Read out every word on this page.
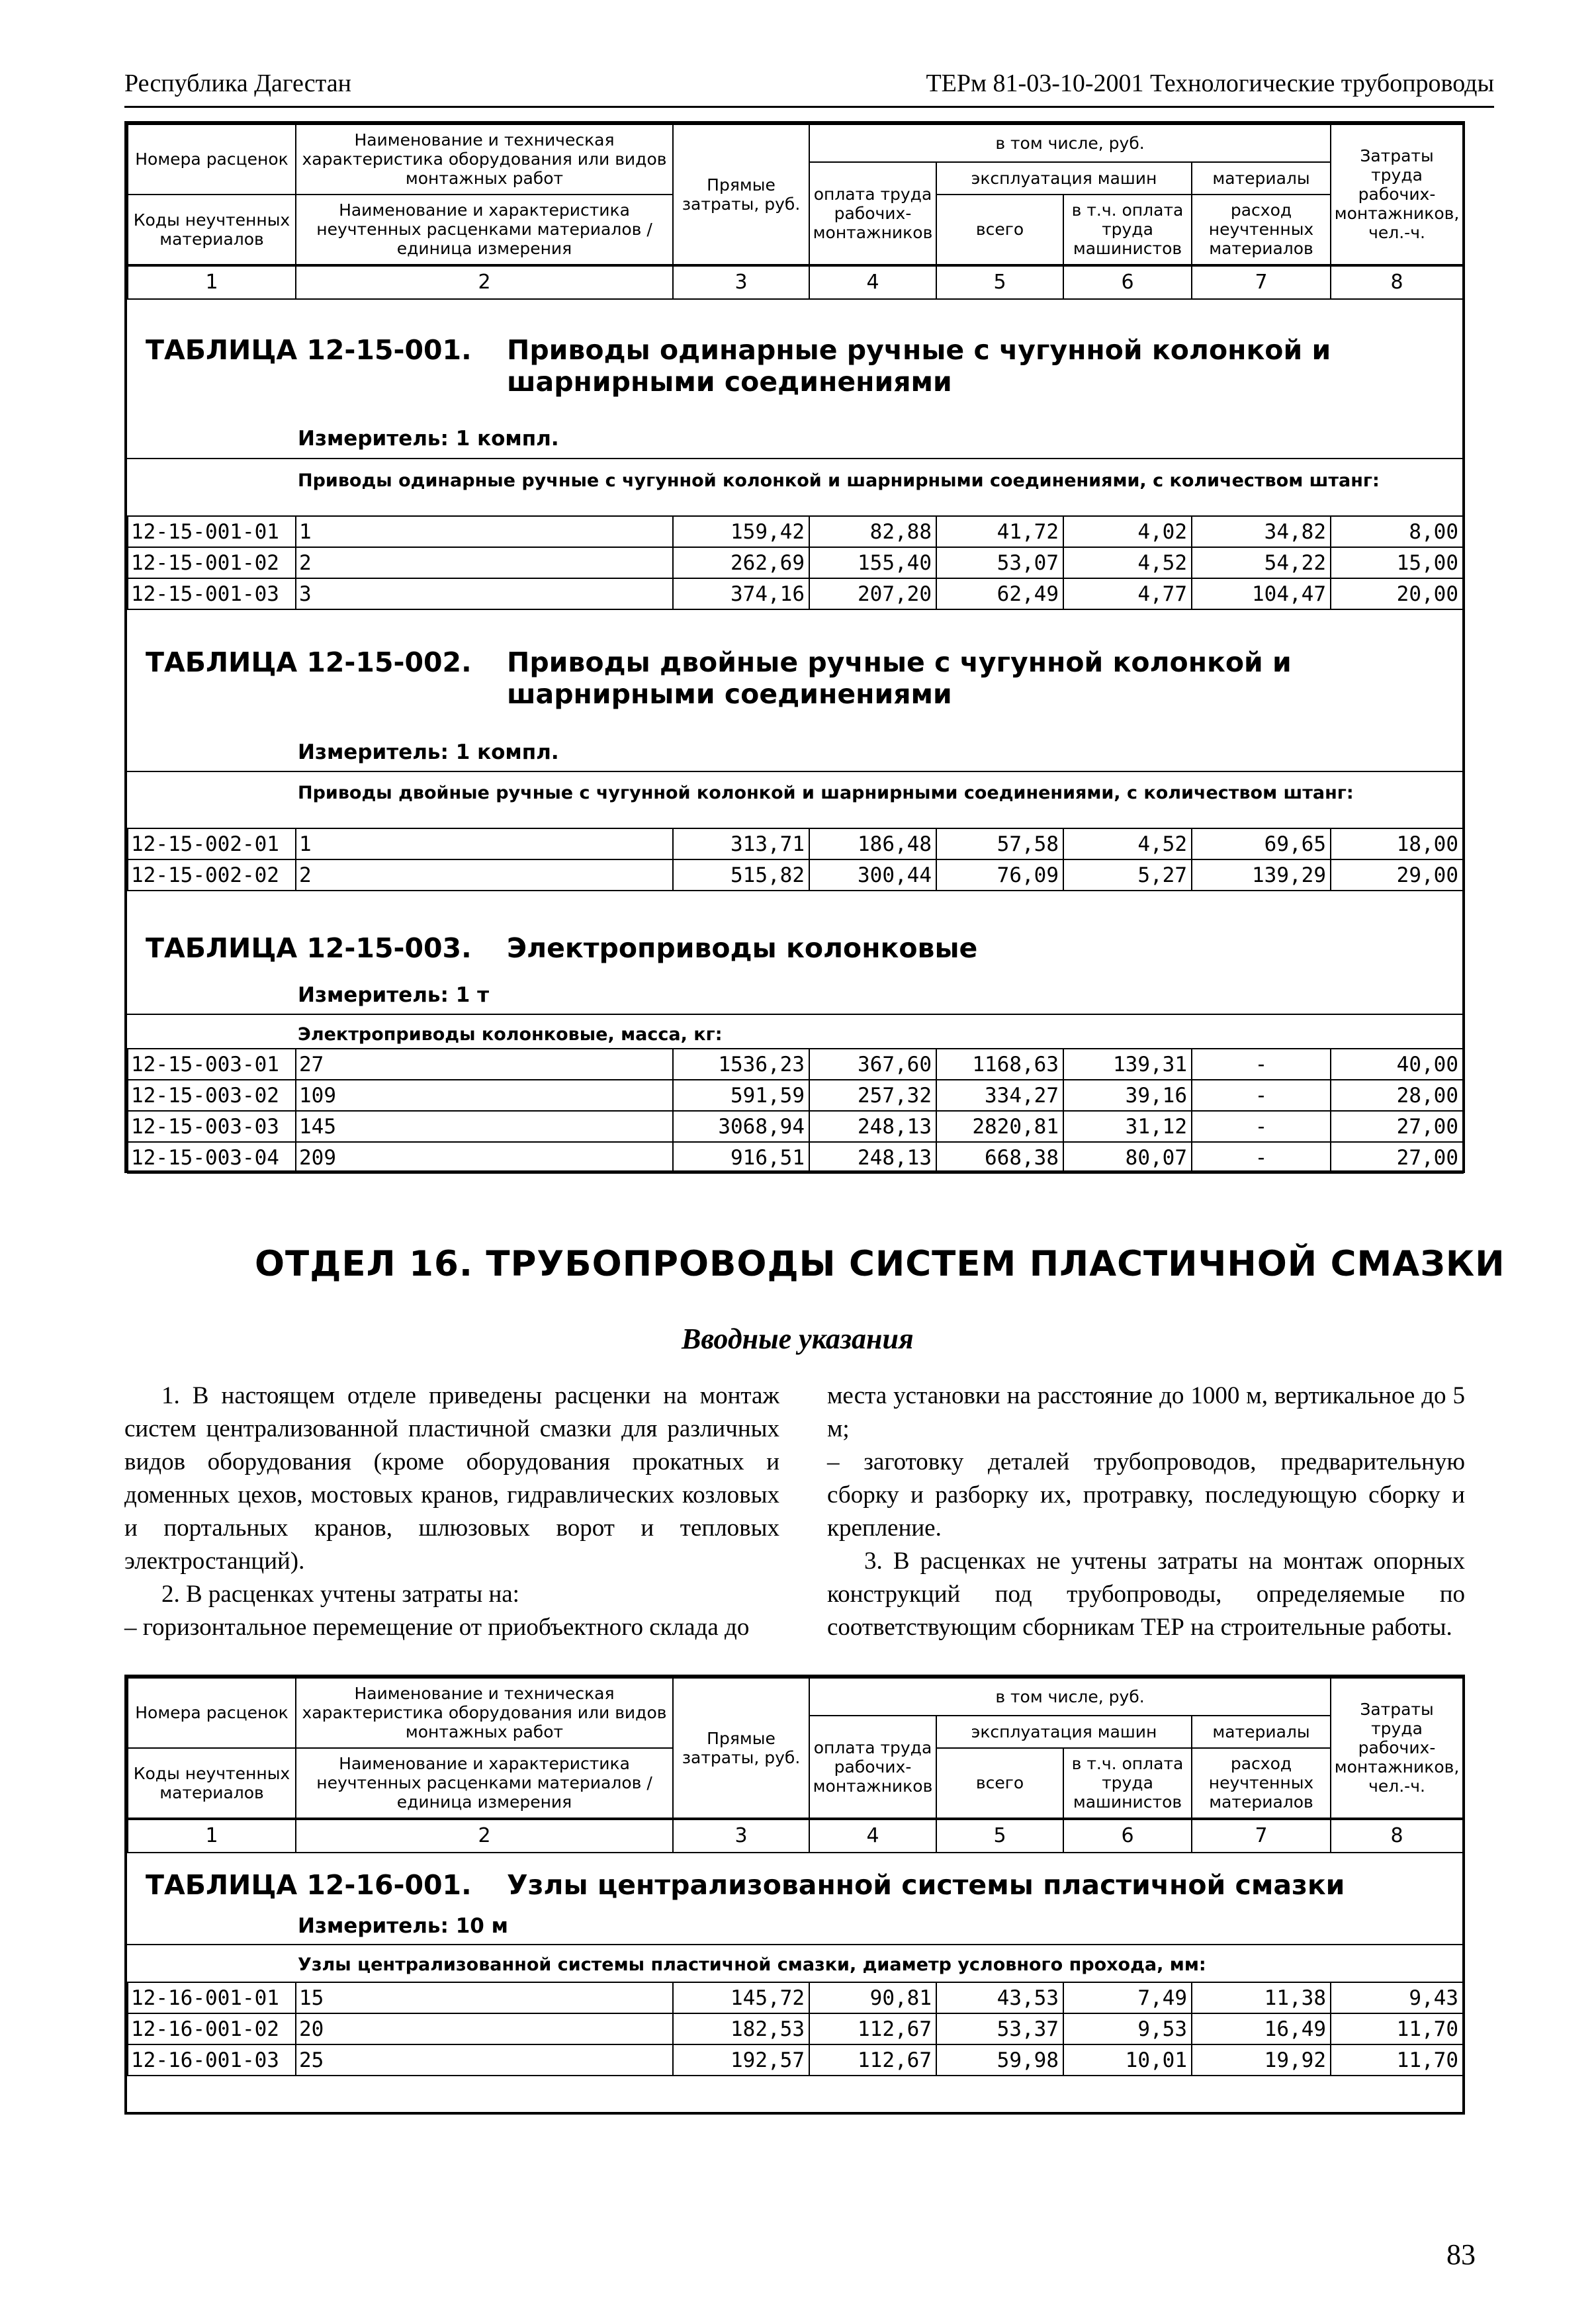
Республика Дагестан	ТЕРм 81-03-10-2001 Технологические трубопроводы
Номера расценок	Наименование и техническая характеристика оборудования или видов монтажных работ	Прямые затраты, руб.	в том числе, руб.				Затраты труда рабочих-монтажников, чел.-ч.
			оплата труда рабочих-монтажников	эксплуатация машин		материалы	
Коды неучтенных материалов	Наименование и характеристика неучтенных расценками материалов / единица измерения			всего	в т.ч. оплата труда машинистов	расход неучтенных материалов	

1	2	3	4	5	6	7	8
ТАБЛИЦА 12-15-001. Приводы одинарные ручные с чугунной колонкой и шарнирными соединениями
Измеритель: 1 компл.
Приводы одинарные ручные с чугунной колонкой и шарнирными соединениями, с количеством штанг:
12-15-001-01	1	159,42	82,88	41,72	4,02	34,82	8,00
12-15-001-02	2	262,69	155,40	53,07	4,52	54,22	15,00
12-15-001-03	3	374,16	207,20	62,49	4,77	104,47	20,00
ТАБЛИЦА 12-15-002. Приводы двойные ручные с чугунной колонкой и шарнирными соединениями
Измеритель: 1 компл.
Приводы двойные ручные с чугунной колонкой и шарнирными соединениями, с количеством штанг:
12-15-002-01	1	313,71	186,48	57,58	4,52	69,65	18,00
12-15-002-02	2	515,82	300,44	76,09	5,27	139,29	29,00
ТАБЛИЦА 12-15-003. Электроприводы колонковые
Измеритель: 1 т
Электроприводы колонковые, масса, кг:
12-15-003-01	27	1536,23	367,60	1168,63	139,31	-	40,00
12-15-003-02	109	591,59	257,32	334,27	39,16	-	28,00
12-15-003-03	145	3068,94	248,13	2820,81	31,12	-	27,00
12-15-003-04	209	916,51	248,13	668,38	80,07	-	27,00
ОТДЕЛ 16. ТРУБОПРОВОДЫ СИСТЕМ ПЛАСТИЧНОЙ СМАЗКИ
Вводные указания

1. В настоящем отделе приведены расценки на монтаж систем централизованной пластичной смазки для различных видов оборудования (кроме оборудования прокатных и доменных цехов, мостовых кранов, гидравлических козловых и портальных кранов, шлюзовых ворот и тепловых электростанций).

2. В расценках учтены затраты на:

– горизонтальное перемещение от приобъектного склада до

места установки на расстояние до 1000 м, вертикальное до 5 м;

– заготовку деталей трубопроводов, предварительную сборку и разборку их, протравку, последующую сборку и крепление.

3. В расценках не учтены затраты на монтаж опорных конструкций под трубопроводы, определяемые по соответствующим сборникам ТЕР на строительные работы.

Номера расценок	Наименование и техническая характеристика оборудования или видов монтажных работ	Прямые затраты, руб.	в том числе, руб.				Затраты труда рабочих-монтажников, чел.-ч.
			оплата труда рабочих-монтажников	эксплуатация машин		материалы	
Коды неучтенных материалов	Наименование и характеристика неучтенных расценками материалов / единица измерения			всего	в т.ч. оплата труда машинистов	расход неучтенных материалов	

1	2	3	4	5	6	7	8
ТАБЛИЦА 12-16-001. Узлы централизованной системы пластичной смазки
Измеритель: 10 м
Узлы централизованной системы пластичной смазки, диаметр условного прохода, мм:
12-16-001-01	15	145,72	90,81	43,53	7,49	11,38	9,43
12-16-001-02	20	182,53	112,67	53,37	9,53	16,49	11,70
12-16-001-03	25	192,57	112,67	59,98	10,01	19,92	11,70
83
